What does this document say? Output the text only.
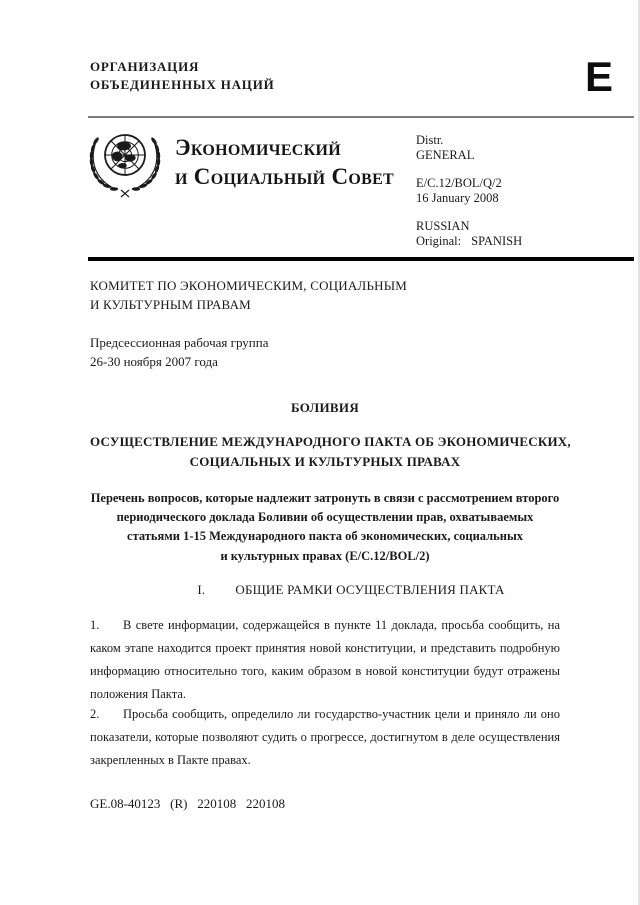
ОРГАНИЗАЦИЯ
ОБЪЕДИНЕННЫХ НАЦИЙ	E
Экономический
и Социальный Совет
Distr.
GENERAL
E/C.12/BOL/Q/2
16 January 2008
RUSSIAN
Original: SPANISH
КОМИТЕТ ПО ЭКОНОМИЧЕСКИМ, СОЦИАЛЬНЫМ
И КУЛЬТУРНЫМ ПРАВАМ
Предсессионная рабочая группа
26-30 ноября 2007 года
БОЛИВИЯ
ОСУЩЕСТВЛЕНИЕ МЕЖДУНАРОДНОГО ПАКТА ОБ ЭКОНОМИЧЕСКИХ,
СОЦИАЛЬНЫХ И КУЛЬТУРНЫХ ПРАВАХ
Перечень вопросов, которые надлежит затронуть в связи с рассмотрением второго
периодического доклада Боливии об осуществлении прав, охватываемых
статьями 1-15 Международного пакта об экономических, социальных
и культурных правах (E/C.12/BOL/2)
I. ОБЩИЕ РАМКИ ОСУЩЕСТВЛЕНИЯ ПАКТА
1. В свете информации, содержащейся в пункте 11 доклада, просьба сообщить, на каком этапе находится проект принятия новой конституции, и представить подробную информацию относительно того, каким образом в новой конституции будут отражены положения Пакта.
2. Просьба сообщить, определило ли государство-участник цели и приняло ли оно показатели, которые позволяют судить о прогрессе, достигнутом в деле осуществления закрепленных в Пакте правах.
GE.08-40123   (R)   220108   220108
